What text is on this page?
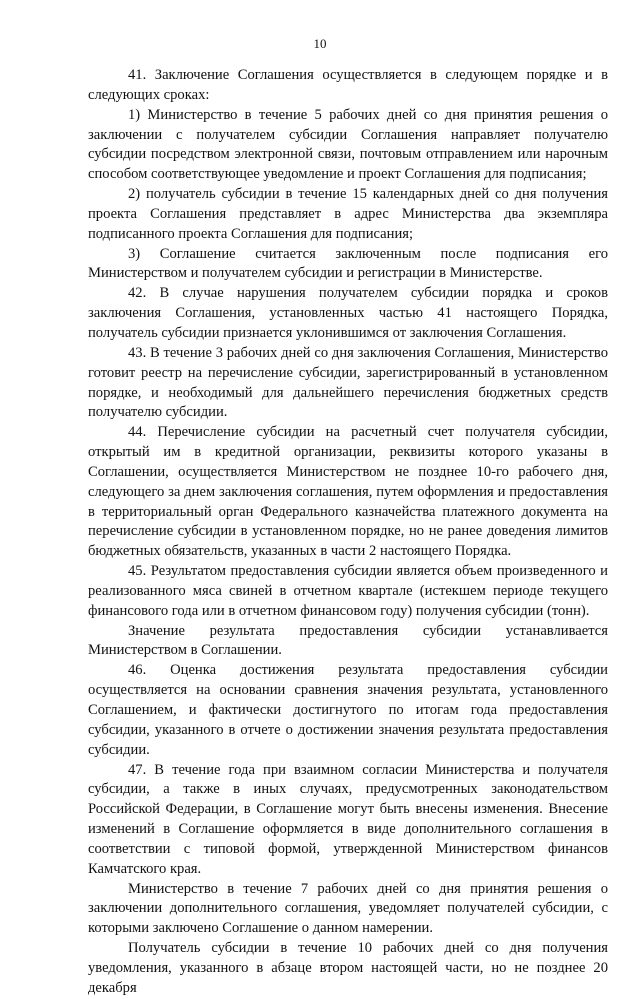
10

41. Заключение Соглашения осуществляется в следующем порядке и в следующих сроках:

1) Министерство в течение 5 рабочих дней со дня принятия решения о заключении с получателем субсидии Соглашения направляет получателю субсидии посредством электронной связи, почтовым отправлением или нарочным способом соответствующее уведомление и проект Соглашения для подписания;

2) получатель субсидии в течение 15 календарных дней со дня получения проекта Соглашения представляет в адрес Министерства два экземпляра подписанного проекта Соглашения для подписания;

3) Соглашение считается заключенным после подписания его Министерством и получателем субсидии и регистрации в Министерстве.

42. В случае нарушения получателем субсидии порядка и сроков заключения Соглашения, установленных частью 41 настоящего Порядка, получатель субсидии признается уклонившимся от заключения Соглашения.

43. В течение 3 рабочих дней со дня заключения Соглашения, Министерство готовит реестр на перечисление субсидии, зарегистрированный в установленном порядке, и необходимый для дальнейшего перечисления бюджетных средств получателю субсидии.

44. Перечисление субсидии на расчетный счет получателя субсидии, открытый им в кредитной организации, реквизиты которого указаны в Соглашении, осуществляется Министерством не позднее 10-го рабочего дня, следующего за днем заключения соглашения, путем оформления и предоставления в территориальный орган Федерального казначейства платежного документа на перечисление субсидии в установленном порядке, но не ранее доведения лимитов бюджетных обязательств, указанных в части 2 настоящего Порядка.

45. Результатом предоставления субсидии является объем произведенного и реализованного мяса свиней в отчетном квартале (истекшем периоде текущего финансового года или в отчетном финансовом году) получения субсидии (тонн).

Значение результата предоставления субсидии устанавливается Министерством в Соглашении.

46. Оценка достижения результата предоставления субсидии осуществляется на основании сравнения значения результата, установленного Соглашением, и фактически достигнутого по итогам года предоставления субсидии, указанного в отчете о достижении значения результата предоставления субсидии.

47. В течение года при взаимном согласии Министерства и получателя субсидии, а также в иных случаях, предусмотренных законодательством Российской Федерации, в Соглашение могут быть внесены изменения. Внесение изменений в Соглашение оформляется в виде дополнительного соглашения в соответствии с типовой формой, утвержденной Министерством финансов Камчатского края.

Министерство в течение 7 рабочих дней со дня принятия решения о заключении дополнительного соглашения, уведомляет получателей субсидии, с которыми заключено Соглашение о данном намерении.

Получатель субсидии в течение 10 рабочих дней со дня получения уведомления, указанного в абзаце втором настоящей части, но не позднее 20 декабря
